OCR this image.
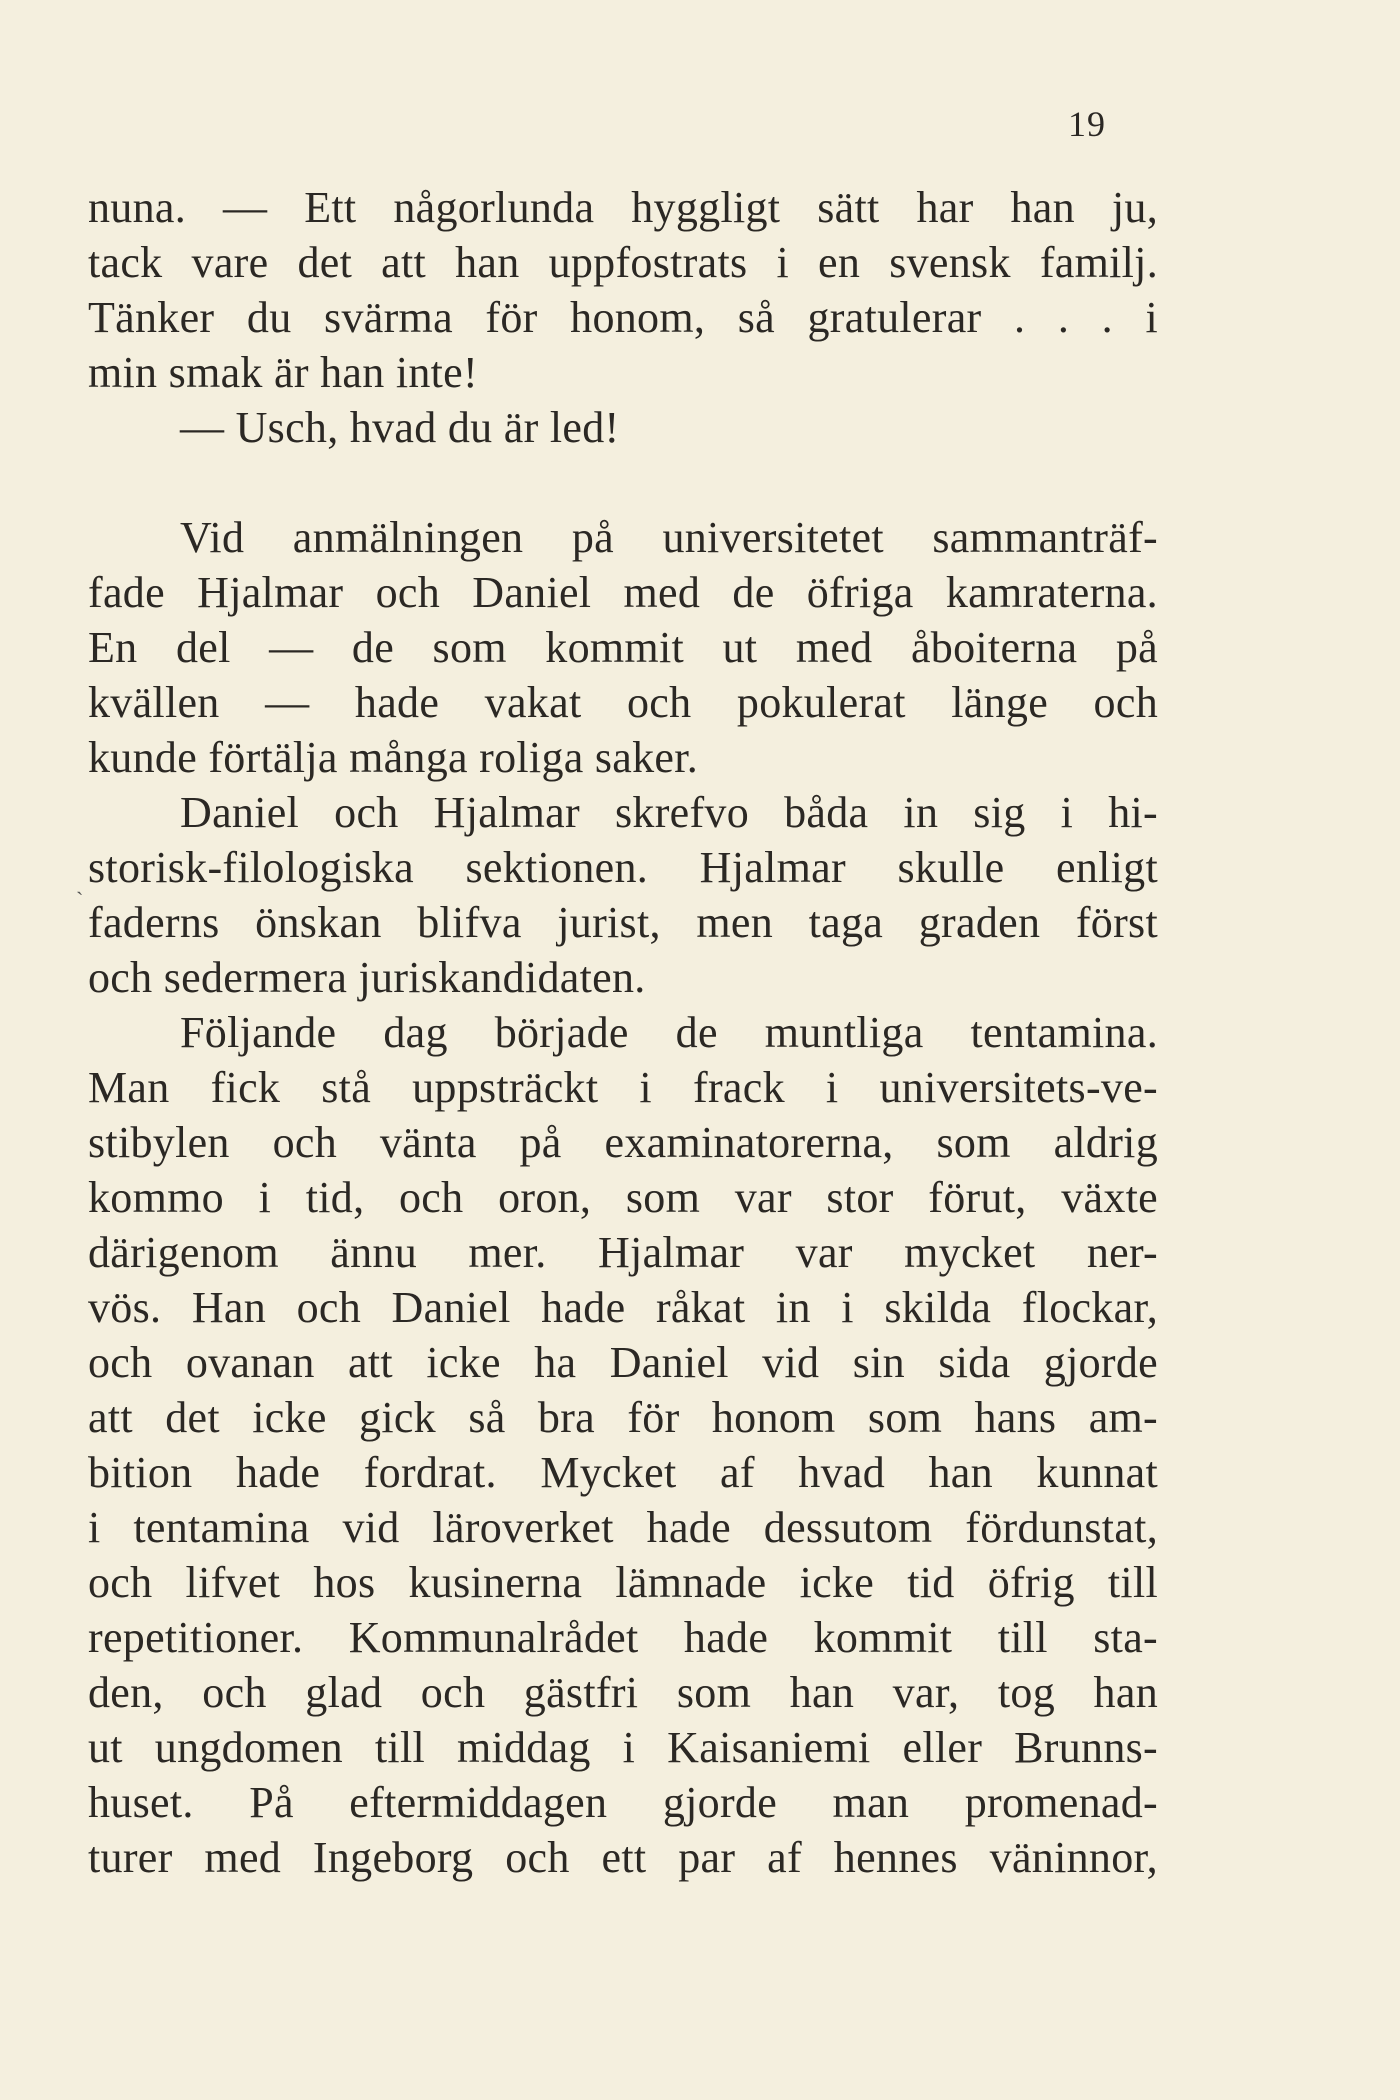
19
ˎ
nuna. — Ett någorlunda hyggligt sätt har han ju,
tack vare det att han uppfostrats i en svensk familj.
Tänker du svärma för honom, så gratulerar . . . i
min smak är han inte!
— Usch, hvad du är led!
Vid anmälningen på universitetet sammanträf-
fade Hjalmar och Daniel med de öfriga kamraterna.
En del — de som kommit ut med åboiterna på
kvällen — hade vakat och pokulerat länge och
kunde förtälja många roliga saker.
Daniel och Hjalmar skrefvo båda in sig i hi-
storisk-filologiska sektionen. Hjalmar skulle enligt
faderns önskan blifva jurist, men taga graden först
och sedermera juriskandidaten.
Följande dag började de muntliga tentamina.
Man fick stå uppsträckt i frack i universitets-ve-
stibylen och vänta på examinatorerna, som aldrig
kommo i tid, och oron, som var stor förut, växte
därigenom ännu mer. Hjalmar var mycket ner-
vös. Han och Daniel hade råkat in i skilda flockar,
och ovanan att icke ha Daniel vid sin sida gjorde
att det icke gick så bra för honom som hans am-
bition hade fordrat. Mycket af hvad han kunnat
i tentamina vid läroverket hade dessutom fördunstat,
och lifvet hos kusinerna lämnade icke tid öfrig till
repetitioner. Kommunalrådet hade kommit till sta-
den, och glad och gästfri som han var, tog han
ut ungdomen till middag i Kaisaniemi eller Brunns-
huset. På eftermiddagen gjorde man promenad-
turer med Ingeborg och ett par af hennes väninnor,
